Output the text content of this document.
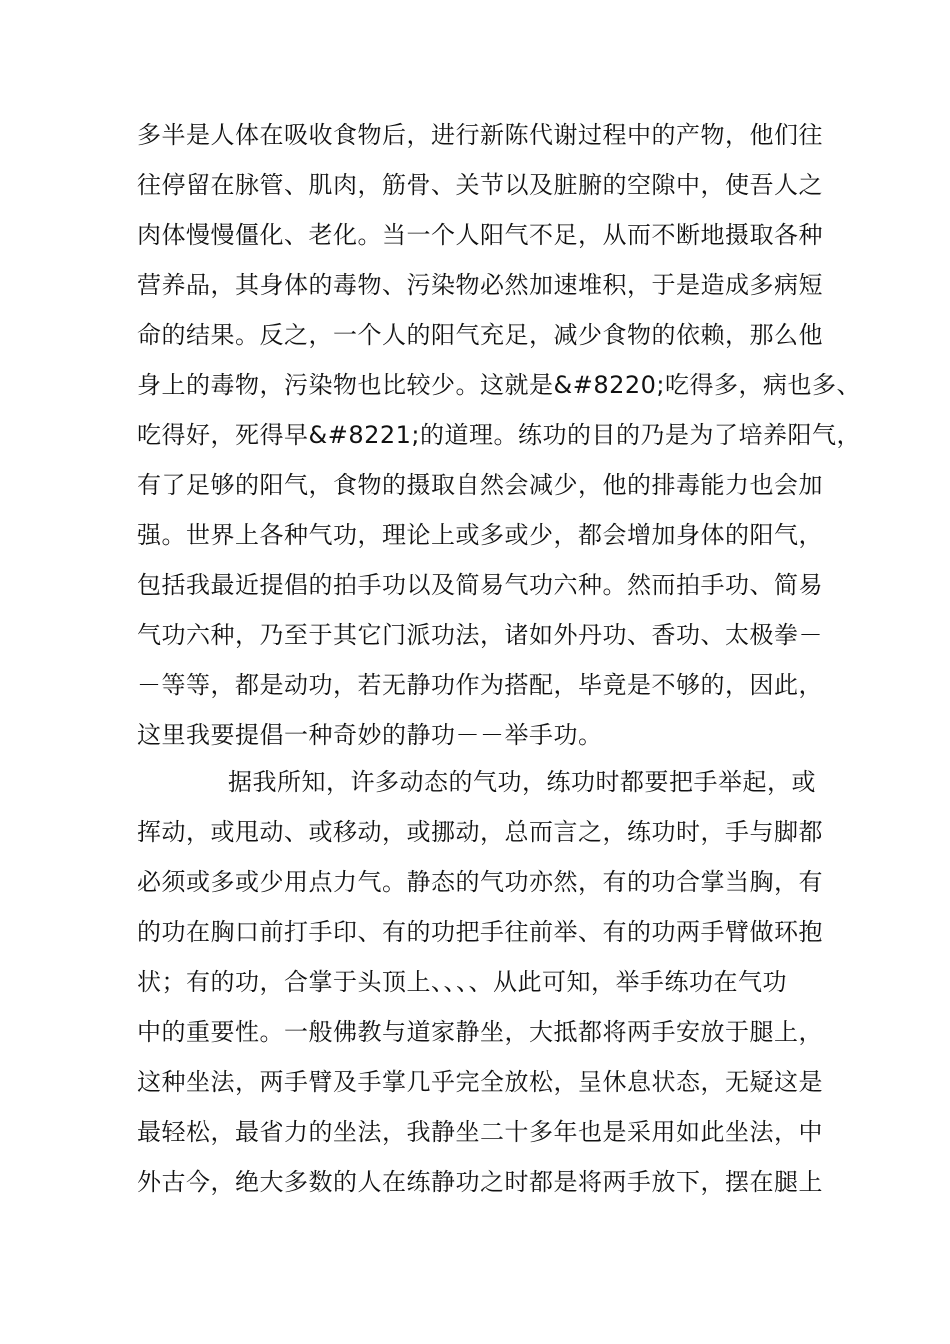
多半是人体在吸收食物后，进行新陈代谢过程中的产物，他们往
往停留在脉管、肌肉，筋骨、关节以及脏腑的空隙中，使吾人之
肉体慢慢僵化、老化。当一个人阳气不足，从而不断地摄取各种
营养品，其身体的毒物、污染物必然加速堆积，于是造成多病短
命的结果。反之，一个人的阳气充足，减少食物的依赖，那么他
身上的毒物，污染物也比较少。这就是&#8220;吃得多，病也多、
吃得好，死得早&#8221;的道理。练功的目的乃是为了培养阳气，
有了足够的阳气，食物的摄取自然会减少，他的排毒能力也会加
强。世界上各种气功，理论上或多或少，都会增加身体的阳气，
包括我最近提倡的拍手功以及简易气功六种。然而拍手功、简易
气功六种，乃至于其它门派功法，诸如外丹功、香功、太极拳－
－等等，都是动功，若无静功作为搭配，毕竟是不够的，因此，
这里我要提倡一种奇妙的静功－－举手功。
据我所知，许多动态的气功，练功时都要把手举起，或
挥动，或甩动、或移动，或挪动，总而言之，练功时，手与脚都
必须或多或少用点力气。静态的气功亦然，有的功合掌当胸，有
的功在胸口前打手印、有的功把手往前举、有的功两手臂做环抱
状；有的功，合掌于头顶上、、、、从此可知，举手练功在气功
中的重要性。一般佛教与道家静坐，大抵都将两手安放于腿上，
这种坐法，两手臂及手掌几乎完全放松，呈休息状态，无疑这是
最轻松，最省力的坐法，我静坐二十多年也是采用如此坐法，中
外古今，绝大多数的人在练静功之时都是将两手放下，摆在腿上
